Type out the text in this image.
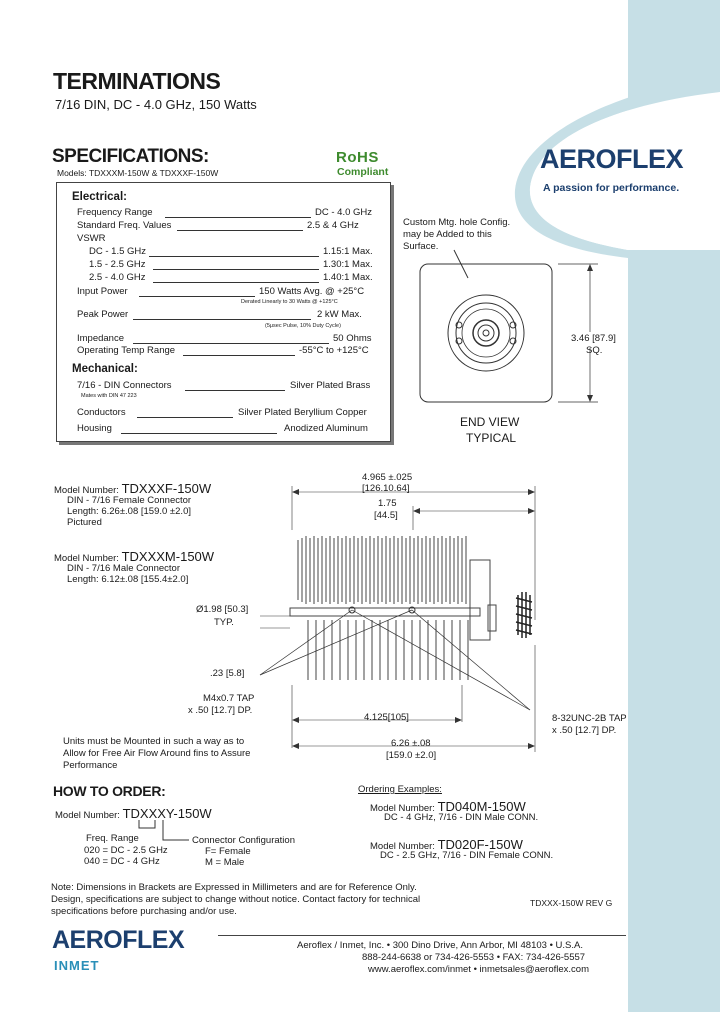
TERMINATIONS
7/16 DIN, DC - 4.0 GHz, 150 Watts
SPECIFICATIONS:
Models: TDXXXM-150W & TDXXXF-150W
RoHS
Compliant	AEROFLEX
A passion for performance.
Electrical:
Frequency Range	DC - 4.0 GHz
Standard Freq. Values	2.5 & 4 GHz
VSWR
DC - 1.5 GHz	1.15:1 Max.
1.5 - 2.5 GHz	1.30:1 Max.
2.5 - 4.0 GHz	1.40:1 Max.
Input Power	150 Watts Avg. @ +25°C
Derated Linearly to 30 Watts @ +125°C
Peak Power	2 kW Max.
(5μsec Pulse, 10% Duty Cycle)
Impedance	50 Ohms
Operating Temp Range	-55°C to +125°C
Mechanical:
7/16 - DIN Connectors	Silver Plated Brass
Mates with DIN 47 223
Conductors	Silver Plated Beryllium Copper
Housing	Anodized Aluminum
Custom Mtg. hole Config.
may be Added to this
Surface.
3.46 [87.9]
SQ.
END VIEW
TYPICAL
Model Number: TDXXXF-150W
DIN - 7/16 Female Connector
Length: 6.26±.08 [159.0 ±2.0]
Pictured
Model Number: TDXXXM-150W
DIN - 7/16 Male Connector
Length: 6.12±.08 [155.4±2.0]
4.965 ±.025
[126.10.64]
1.75
[44.5]
Ø1.98 [50.3]
TYP.
.23 [5.8]
M4x0.7 TAP
x .50 [12.7] DP.
4.125[105]	8-32UNC-2B TAP
x .50 [12.7] DP.
6.26 ±.08
[159.0 ±2.0]
Units must be Mounted in such a way as to
Allow for Free Air Flow Around fins to Assure
Performance
HOW TO ORDER:
Model Number: TDXXXY-150W
Freq. Range
020 = DC - 2.5 GHz
040 = DC - 4 GHz
Connector Configuration
F= Female
M = Male
Ordering Examples:
Model Number: TD040M-150W
DC - 4 GHz, 7/16 - DIN Male CONN.
Model Number: TD020F-150W
DC - 2.5 GHz, 7/16 - DIN Female CONN.
Note: Dimensions in Brackets are Expressed in Millimeters and are for Reference Only.
Design, specifications are subject to change without notice. Contact factory for technical
specifications before purchasing and/or use.
TDXXX-150W REV G
AEROFLEX
INMET
Aeroflex / Inmet, Inc. • 300 Dino Drive, Ann Arbor, MI 48103 • U.S.A.
888-244-6638 or 734-426-5553 • FAX: 734-426-5557
www.aeroflex.com/inmet • inmetsales@aeroflex.com
